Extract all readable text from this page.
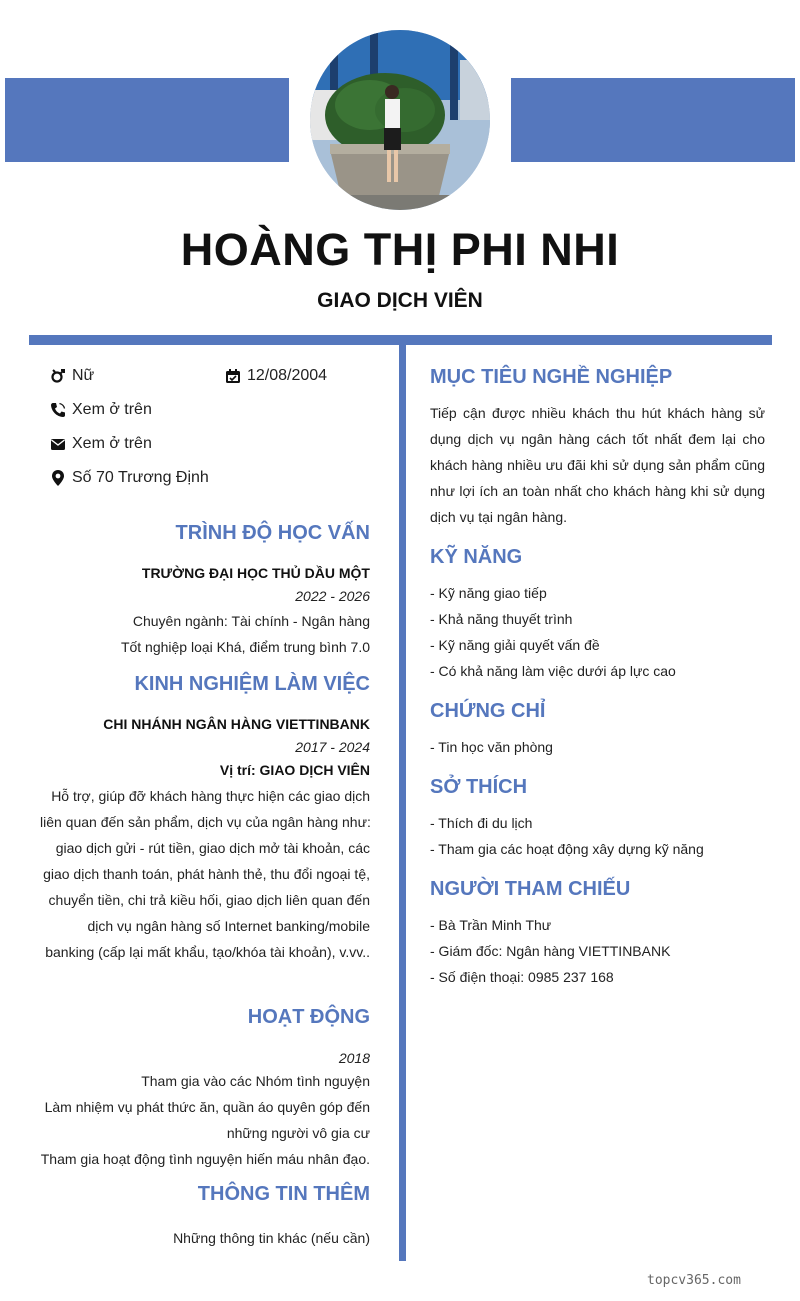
HOÀNG THỊ PHI NHI
GIAO DỊCH VIÊN
Nữ	12/08/2004
Xem ở trên
Xem ở trên
Số 70 Trương Định
TRÌNH ĐỘ HỌC VẤN
TRƯỜNG ĐẠI HỌC THỦ DẦU MỘT
2022 - 2026
Chuyên ngành: Tài chính - Ngân hàng
Tốt nghiệp loại Khá, điểm trung bình 7.0
KINH NGHIỆM LÀM VIỆC
CHI NHÁNH NGÂN HÀNG VIETTINBANK
2017 - 2024
Vị trí: GIAO DỊCH VIÊN
Hỗ trợ, giúp đỡ khách hàng thực hiện các giao dịch
liên quan đến sản phẩm, dịch vụ của ngân hàng như:
giao dịch gửi - rút tiền, giao dịch mở tài khoản, các
giao dịch thanh toán, phát hành thẻ, thu đổi ngoại tệ,
chuyển tiền, chi trả kiều hối, giao dịch liên quan đến
dịch vụ ngân hàng số Internet banking/mobile
banking (cấp lại mất khẩu, tạo/khóa tài khoản), v.vv..
HOẠT ĐỘNG
2018
Tham gia vào các Nhóm tình nguyện
Làm nhiệm vụ phát thức ăn, quần áo quyên góp đến
những người vô gia cư
Tham gia hoạt động tình nguyện hiến máu nhân đạo.
THÔNG TIN THÊM
Những thông tin khác (nếu cần)
MỤC TIÊU NGHỀ NGHIỆP
Tiếp cận được nhiều khách thu hút khách hàng sử
dụng dịch vụ ngân hàng cách tốt nhất đem lại cho
khách hàng nhiều ưu đãi khi sử dụng sản phẩm cũng
như lợi ích an toàn nhất cho khách hàng khi sử dụng
dịch vụ tại ngân hàng.
KỸ NĂNG
- Kỹ năng giao tiếp
- Khả năng thuyết trình
- Kỹ năng giải quyết vấn đề
- Có khả năng làm việc dưới áp lực cao
CHỨNG CHỈ
- Tin học văn phòng
SỞ THÍCH
- Thích đi du lịch
- Tham gia các hoạt động xây dựng kỹ năng
NGƯỜI THAM CHIẾU
- Bà Trần Minh Thư
- Giám đốc: Ngân hàng VIETTINBANK
- Số điện thoại: 0985 237 168
topcv365.com
